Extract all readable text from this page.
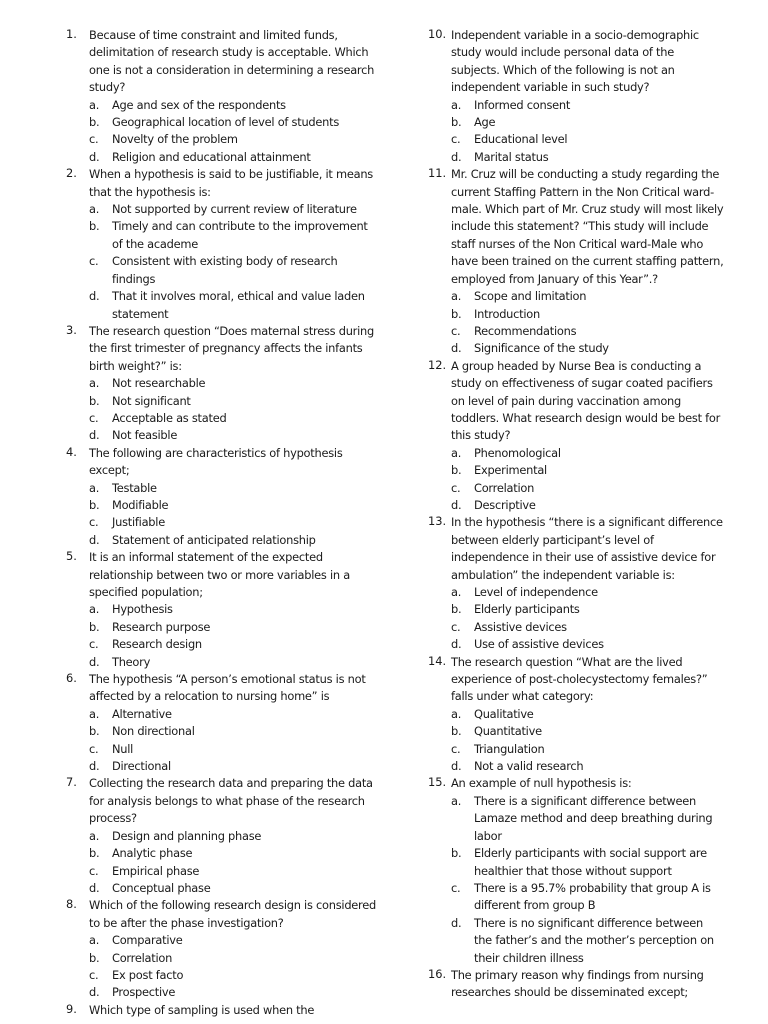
1. Because of time constraint and limited funds, delimitation of research study is acceptable. Which one is not a consideration in determining a research study?
a. Age and sex of the respondents
b. Geographical location of level of students
c. Novelty of the problem
d. Religion and educational attainment
2. When a hypothesis is said to be justifiable, it means that the hypothesis is:
a. Not supported by current review of literature
b. Timely and can contribute to the improvement of the academe
c. Consistent with existing body of research findings
d. That it involves moral, ethical and value laden statement
3. The research question “Does maternal stress during the first trimester of pregnancy affects the infants birth weight?” is:
a. Not researchable
b. Not significant
c. Acceptable as stated
d. Not feasible
4. The following are characteristics of hypothesis except;
a. Testable
b. Modifiable
c. Justifiable
d. Statement of anticipated relationship
5. It is an informal statement of the expected relationship between two or more variables in a specified population;
a. Hypothesis
b. Research purpose
c. Research design
d. Theory
6. The hypothesis “A person’s emotional status is not affected by a relocation to nursing home” is
a. Alternative
b. Non directional
c. Null
d. Directional
7. Collecting the research data and preparing the data for analysis belongs to what phase of the research process?
a. Design and planning phase
b. Analytic phase
c. Empirical phase
d. Conceptual phase
8. Which of the following research design is considered to be after the phase investigation?
a. Comparative
b. Correlation
c. Ex post facto
d. Prospective
9. Which type of sampling is used when the
10. Independent variable in a socio-demographic study would include personal data of the subjects. Which of the following is not an independent variable in such study?
a. Informed consent
b. Age
c. Educational level
d. Marital status
11. Mr. Cruz will be conducting a study regarding the current Staffing Pattern in the Non Critical ward-male. Which part of Mr. Cruz study will most likely include this statement? “This study will include staff nurses of the Non Critical ward-Male who have been trained on the current staffing pattern, employed from January of this Year”.?
a. Scope and limitation
b. Introduction
c. Recommendations
d. Significance of the study
12. A group headed by Nurse Bea is conducting a study on effectiveness of sugar coated pacifiers on level of pain during vaccination among toddlers. What research design would be best for this study?
a. Phenomological
b. Experimental
c. Correlation
d. Descriptive
13. In the hypothesis “there is a significant difference between elderly participant’s level of independence in their use of assistive device for ambulation” the independent variable is:
a. Level of independence
b. Elderly participants
c. Assistive devices
d. Use of assistive devices
14. The research question “What are the lived experience of post-cholecystectomy females?” falls under what category:
a. Qualitative
b. Quantitative
c. Triangulation
d. Not a valid research
15. An example of null hypothesis is:
a. There is a significant difference between Lamaze method and deep breathing during labor
b. Elderly participants with social support are healthier that those without support
c. There is a 95.7% probability that group A is different from group B
d. There is no significant difference between the father’s and the mother’s perception on their children illness
16. The primary reason why findings from nursing researches should be disseminated except;
